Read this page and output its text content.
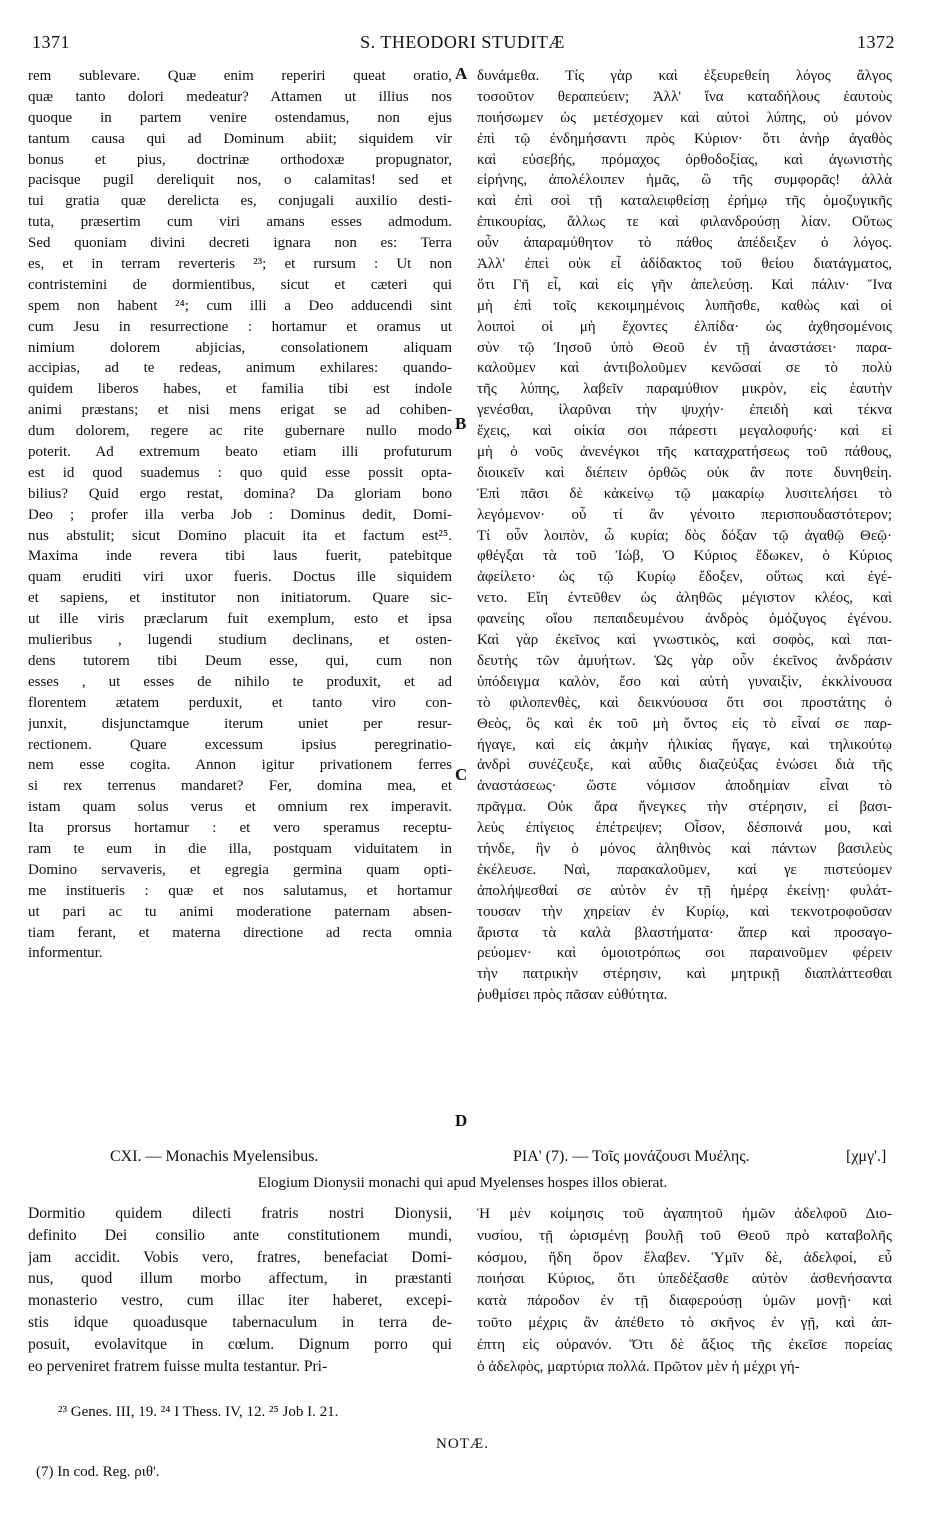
1371	S. THEODORI STUDITÆ	1372
rem sublevare. Quæ enim reperiri queat oratio,
quæ tanto dolori medeatur? Attamen ut illius nos
quoque in partem venire ostendamus, non ejus
tantum causa qui ad Dominum abiit; siquidem vir
bonus et pius, doctrinæ orthodoxæ propugnator,
pacisque pugil dereliquit nos, o calamitas! sed et
tui gratia quæ derelicta es, conjugali auxilio desti-
tuta, præsertim cum viri amans esses admodum.
Sed quoniam divini decreti ignara non es: Terra
es, et in terram reverteris ²³; et rursum : Ut non
contristemini de dormientibus, sicut et cæteri qui
spem non habent ²⁴; cum illi a Deo adducendi sint
cum Jesu in resurrectione : hortamur et oramus ut
nimium dolorem abjicias, consolationem aliquam
accipias, ad te redeas, animum exhilares: quando-
quidem liberos habes, et familia tibi est indole
animi præstans; et nisi mens erigat se ad cohiben-
dum dolorem, regere ac rite gubernare nullo modo
poterit. Ad extremum beato etiam illi profuturum
est id quod suademus : quo quid esse possit opta-
bilius? Quid ergo restat, domina? Da gloriam bono
Deo ; profer illa verba Job : Dominus dedit, Domi-
nus abstulit; sicut Domino placuit ita et factum est²⁵.
Maxima inde revera tibi laus fuerit, patebitque
quam eruditi viri uxor fueris. Doctus ille siquidem
et sapiens, et institutor non initiatorum. Quare sic-
ut ille viris præclarum fuit exemplum, esto et ipsa
mulieribus , lugendi studium declinans, et osten-
dens tutorem tibi Deum esse, qui, cum non
esses , ut esses de nihilo te produxit, et ad
florentem ætatem perduxit, et tanto viro con-
junxit, disjunctamque iterum uniet per resur-
rectionem. Quare excessum ipsius peregrinatio-
nem esse cogita. Annon igitur privationem ferres
si rex terrenus mandaret? Fer, domina mea, et
istam quam solus verus et omnium rex imperavit.
Ita prorsus hortamur : et vero speramus receptu-
ram te eum in die illa, postquam viduitatem in
Domino servaveris, et egregia germina quam opti-
me institueris : quæ et nos salutamus, et hortamur
ut pari ac tu animi moderatione paternam absen-
tiam ferant, et materna directione ad recta omnia
informentur.
δυνάμεθα. Τίς γὰρ καὶ ἐξευρεθείη λόγος ἄλγος
τοσοῦτον θεραπεύειν; Ἀλλ' ἵνα καταδήλους ἑαυτοὺς
ποιήσωμεν ὡς μετέσχομεν καὶ αὐτοὶ λύπης, οὐ μόνον
ἐπὶ τῷ ἐνδημήσαντι πρὸς Κύριον· ὅτι ἀνὴρ ἀγαθὸς
καὶ εὐσεβής, πρόμαχος ὀρθοδοξίας, καὶ ἀγωνιστὴς
εἰρήνης, ἀπολέλοιπεν ἡμᾶς, ὢ τῆς συμφορᾶς! ἀλλὰ
καὶ ἐπὶ σοὶ τῇ καταλειφθείσῃ ἐρήμῳ τῆς ὁμοζυγικῆς
ἐπικουρίας, ἄλλως τε καὶ φιλανδρούσῃ λίαν. Οὕτως
οὖν ἀπαραμύθητον τὸ πάθος ἀπέδειξεν ὁ λόγος.
Ἀλλ' ἐπεὶ οὐκ εἶ ἀδίδακτος τοῦ θείου διατάγματος,
ὅτι Γῆ εἶ, καὶ εἰς γῆν ἀπελεύσῃ. Καὶ πάλιν· Ἵνα
μὴ ἐπὶ τοῖς κεκοιμημένοις λυπῆσθε, καθὼς καὶ οἱ
λοιποὶ οἱ μὴ ἔχοντες ἐλπίδα· ὡς ἀχθησομένοις
σὺν τῷ Ἰησοῦ ὑπὸ Θεοῦ ἐν τῇ ἀναστάσει· παρα-
καλοῦμεν καὶ ἀντιβολοῦμεν κενῶσαί σε τὸ πολὺ
τῆς λύπης, λαβεῖν παραμύθιον μικρὸν, εἰς ἑαυτὴν
γενέσθαι, ἱλαρῦναι τὴν ψυχήν· ἐπειδὴ καὶ τέκνα
ἔχεις, καὶ οἰκία σοι πάρεστι μεγαλοφυής· καὶ εἰ
μὴ ὁ νοῦς ἀνενέγκοι τῆς καταχρατήσεως τοῦ πάθους,
διοικεῖν καὶ διέπειν ὀρθῶς οὐκ ἂν ποτε δυνηθείη.
Ἐπὶ πᾶσι δὲ κἀκείνῳ τῷ μακαρίῳ λυσιτελήσει τὸ
λεγόμενον· οὗ τί ἂν γένοιτο περισπουδαστότερον;
Τί οὖν λοιπὸν, ὦ κυρία; δὸς δόξαν τῷ ἀγαθῷ Θεῷ·
φθέγξαι τὰ τοῦ Ἰώβ, Ὁ Κύριος ἔδωκεν, ὁ Κύριος
ἀφείλετο· ὡς τῷ Κυρίῳ ἔδοξεν, οὕτως καὶ ἐγέ-
νετο. Εἴη ἐντεῦθεν ὡς ἀληθῶς μέγιστον κλέος, καὶ
φανείης οἵου πεπαιδευμένου ἀνδρὸς ὁμόζυγος ἐγένου.
Καὶ γὰρ ἐκεῖνος καὶ γνωστικὸς, καὶ σοφὸς, καὶ παι-
δευτὴς τῶν ἀμυήτων. Ὡς γὰρ οὖν ἐκεῖνος ἀνδράσιν
ὑπόδειγμα καλὸν, ἔσο καὶ αὐτὴ γυναιξὶν, ἐκκλίνουσα
τὸ φιλοπενθὲς, καὶ δεικνύουσα ὅτι σοι προστάτης ὁ
Θεὸς, ὃς καὶ ἐκ τοῦ μὴ ὄντος εἰς τὸ εἶναί σε παρ-
ήγαγε, καὶ εἰς ἀκμὴν ἡλικίας ἤγαγε, καὶ τηλικούτῳ
ἀνδρὶ συνέζευξε, καὶ αὖθις διαζεύξας ἑνώσει διὰ τῆς
ἀναστάσεως· ὥστε νόμισον ἀποδημίαν εἶναι τὸ
πρᾶγμα. Οὐκ ἄρα ἤνεγκες τὴν στέρησιν, εἰ βασι-
λεὺς ἐπίγειος ἐπέτρεψεν; Οἶσον, δέσποινά μου, καὶ
τήνδε, ἣν ὁ μόνος ἀληθινὸς καὶ πάντων βασιλεὺς
ἐκέλευσε. Ναὶ, παρακαλοῦμεν, καί γε πιστεύομεν
ἀπολήψεσθαί σε αὐτὸν ἐν τῇ ἡμέρᾳ ἐκείνῃ· φυλάτ-
τουσαν τὴν χηρείαν ἐν Κυρίῳ, καὶ τεκνοτροφοῦσαν
ἄριστα τὰ καλὰ βλαστήματα· ἅπερ καὶ προσαγο-
ρεύομεν· καὶ ὁμοιοτρόπως σοι παραινοῦμεν φέρειν
τὴν πατρικὴν στέρησιν, καὶ μητρικῇ διαπλάττεσθαι
ῥυθμίσει πρὸς πᾶσαν εὐθύτητα.
A
B
C
D
CXI. — Monachis Myelensibus.	ΡΙΑ' (7). — Τοῖς μονάζουσι Μυέλης.	[χμγ'.]
Elogium Dionysii monachi qui apud Myelenses hospes illos obierat.
Dormitio quidem dilecti fratris nostri Dionysii,
definito Dei consilio ante constitutionem mundi,
jam accidit. Vobis vero, fratres, benefaciat Domi-
nus, quod illum morbo affectum, in præstanti
monasterio vestro, cum illac iter haberet, excepi-
stis idque quoadusque tabernaculum in terra de-
posuit, evolavitque in cœlum. Dignum porro qui
eo perveniret fratrem fuisse multa testantur. Pri-
Ἡ μὲν κοίμησις τοῦ ἀγαπητοῦ ἡμῶν ἀδελφοῦ Διο-
νυσίου, τῇ ὡρισμένῃ βουλῇ τοῦ Θεοῦ πρὸ καταβολῆς
κόσμου, ἤδη ὅρον ἔλαβεν. Ὑμῖν δὲ, ἀδελφοί, εὖ
ποιήσαι Κύριος, ὅτι ὑπεδέξασθε αὐτὸν ἀσθενήσαντα
κατὰ πάροδον ἐν τῇ διαφερούσῃ ὑμῶν μονῇ· καὶ
τοῦτο μέχρις ἂν ἀπέθετο τὸ σκῆνος ἐν γῇ, καὶ ἀπ-
έπτη εἰς οὐρανόν. Ὅτι δὲ ἄξιος τῆς ἐκεῖσε πορείας
ὁ ἀδελφὸς, μαρτύρια πολλά. Πρῶτον μὲν ἡ μέχρι γή-
²³ Genes. III, 19. ²⁴ I Thess. IV, 12. ²⁵ Job I. 21.
NOTÆ.
(7) In cod. Reg. ριθ'.
